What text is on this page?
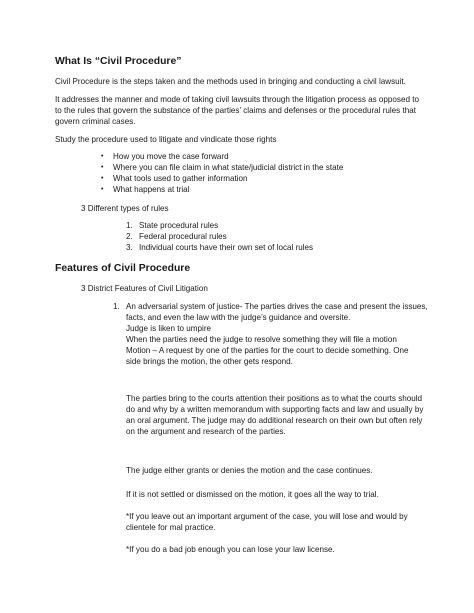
What Is “Civil Procedure”
Civil Procedure is the steps taken and the methods used in bringing and conducting a civil lawsuit.
It addresses the manner and mode of taking civil lawsuits through the litigation process as opposed to
to the rules that govern the substance of the parties’ claims and defenses or the procedural rules that
govern criminal cases.
Study the procedure used to litigate and vindicate those rights
• How you move the case forward
• Where you can file claim in what state/judicial district in the state
• What tools used to gather information
• What happens at trial
3 Different types of rules
1. State procedural rules
2. Federal procedural rules
3. Individual courts have their own set of local rules
Features of Civil Procedure
3 District Features of Civil Litigation
1. An adversarial system of justice- The parties drives the case and present the issues,
facts, and even the law with the judge’s guidance and oversite.
Judge is liken to umpire
When the parties need the judge to resolve something they will file a motion
Motion – A request by one of the parties for the court to decide something. One
side brings the motion, the other gets respond.
The parties bring to the courts attention their positions as to what the courts should
do and why by a written memorandum with supporting facts and law and usually by
an oral argument. The judge may do additional research on their own but often rely
on the argument and research of the parties.
The judge either grants or denies the motion and the case continues.
If it is not settled or dismissed on the motion, it goes all the way to trial.
*If you leave out an important argument of the case, you will lose and would by
clientele for mal practice.
*If you do a bad job enough you can lose your law license.
